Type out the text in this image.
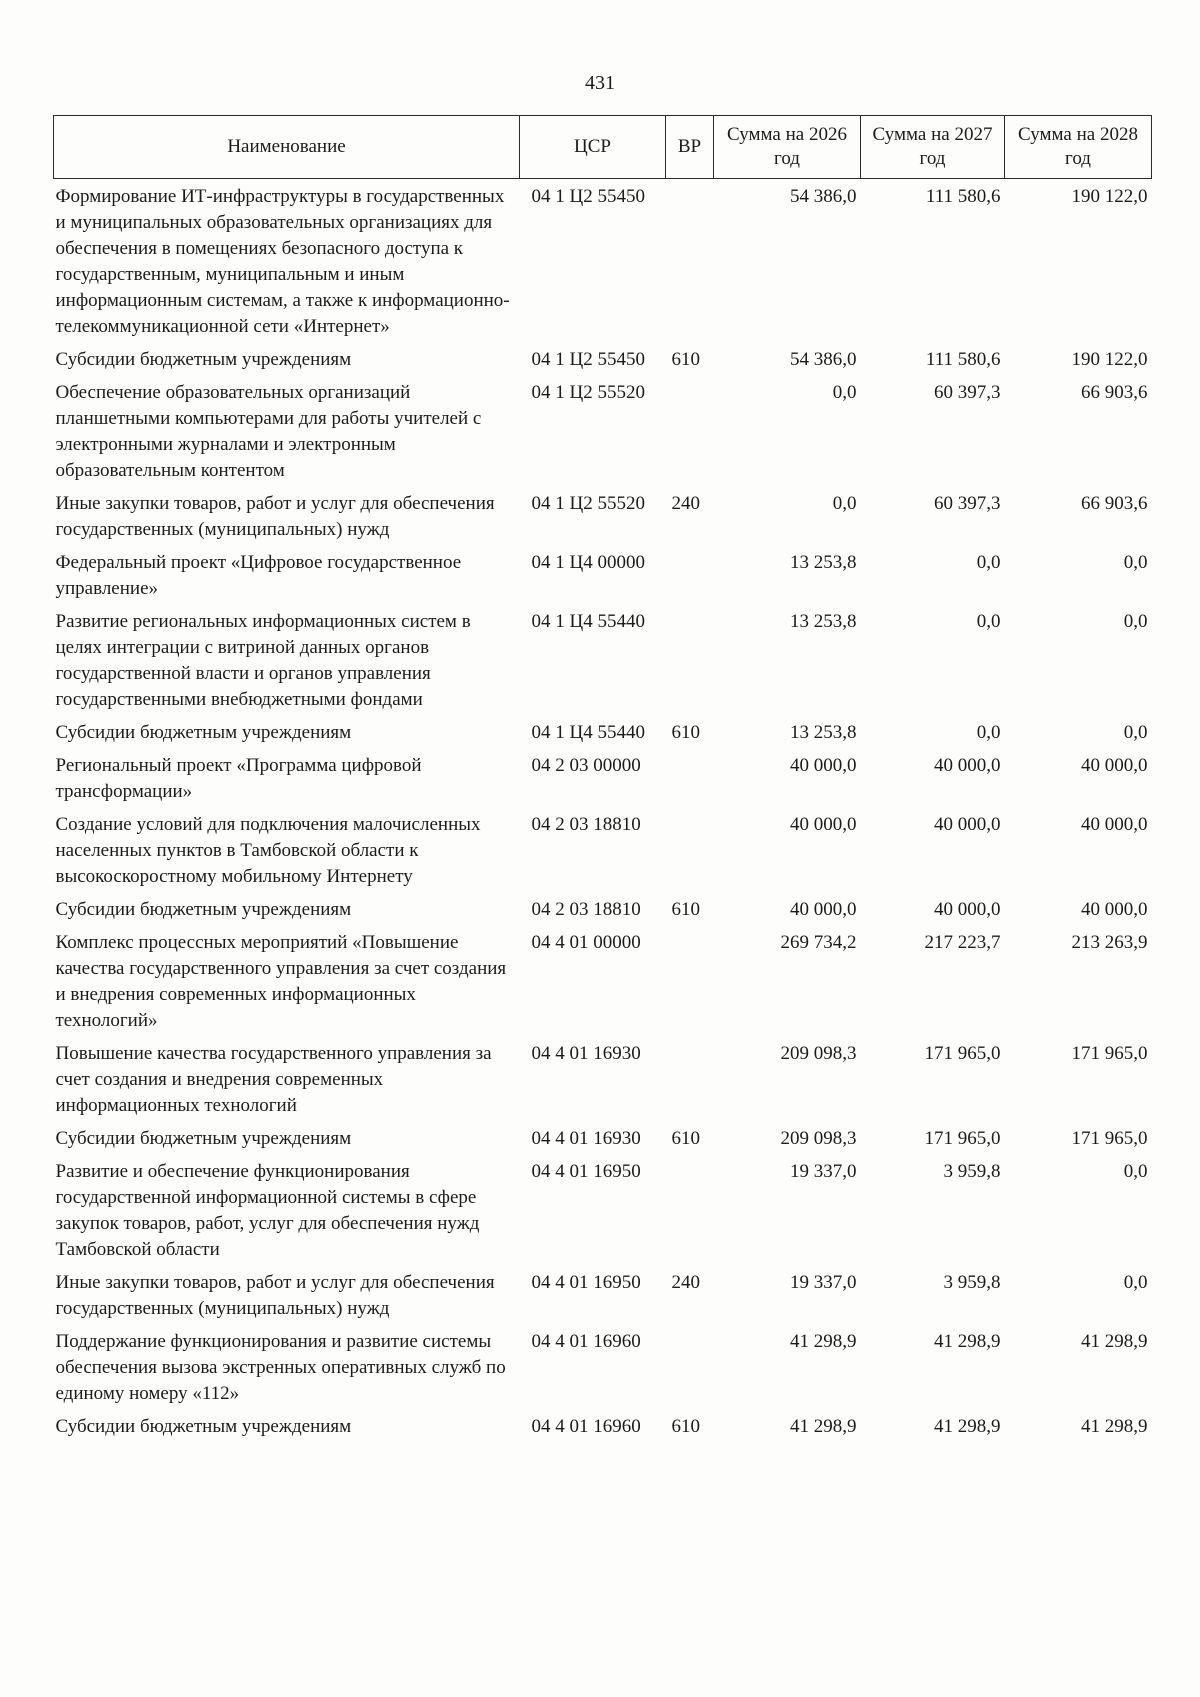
431
Наименование	ЦСР	ВР	Сумма на 2026 год	Сумма на 2027 год	Сумма на 2028 год
Формирование ИТ-инфраструктуры в государственных и муниципальных образовательных организациях для обеспечения в помещениях безопасного доступа к государственным, муниципальным и иным информационным системам, а также к информационно-телекоммуникационной сети «Интернет»	04 1 Ц2 55450		54 386,0	111 580,6	190 122,0
Субсидии бюджетным учреждениям	04 1 Ц2 55450	610	54 386,0	111 580,6	190 122,0
Обеспечение образовательных организаций планшетными компьютерами для работы учителей с электронными журналами и электронным образовательным контентом	04 1 Ц2 55520		0,0	60 397,3	66 903,6
Иные закупки товаров, работ и услуг для обеспечения государственных (муниципальных) нужд	04 1 Ц2 55520	240	0,0	60 397,3	66 903,6
Федеральный проект «Цифровое государственное управление»	04 1 Ц4 00000		13 253,8	0,0	0,0
Развитие региональных информационных систем в целях интеграции с витриной данных органов государственной власти и органов управления государственными внебюджетными фондами	04 1 Ц4 55440		13 253,8	0,0	0,0
Субсидии бюджетным учреждениям	04 1 Ц4 55440	610	13 253,8	0,0	0,0
Региональный проект «Программа цифровой трансформации»	04 2 03 00000		40 000,0	40 000,0	40 000,0
Создание условий для подключения малочисленных населенных пунктов в Тамбовской области к высокоскоростному мобильному Интернету	04 2 03 18810		40 000,0	40 000,0	40 000,0
Субсидии бюджетным учреждениям	04 2 03 18810	610	40 000,0	40 000,0	40 000,0
Комплекс процессных мероприятий «Повышение качества государственного управления за счет создания и внедрения современных информационных технологий»	04 4 01 00000		269 734,2	217 223,7	213 263,9
Повышение качества государственного управления за счет создания и внедрения современных информационных технологий	04 4 01 16930		209 098,3	171 965,0	171 965,0
Субсидии бюджетным учреждениям	04 4 01 16930	610	209 098,3	171 965,0	171 965,0
Развитие и обеспечение функционирования государственной информационной системы в сфере закупок товаров, работ, услуг для обеспечения нужд Тамбовской области	04 4 01 16950		19 337,0	3 959,8	0,0
Иные закупки товаров, работ и услуг для обеспечения государственных (муниципальных) нужд	04 4 01 16950	240	19 337,0	3 959,8	0,0
Поддержание функционирования и развитие системы обеспечения вызова экстренных оперативных служб по единому номеру «112»	04 4 01 16960		41 298,9	41 298,9	41 298,9
Субсидии бюджетным учреждениям	04 4 01 16960	610	41 298,9	41 298,9	41 298,9
